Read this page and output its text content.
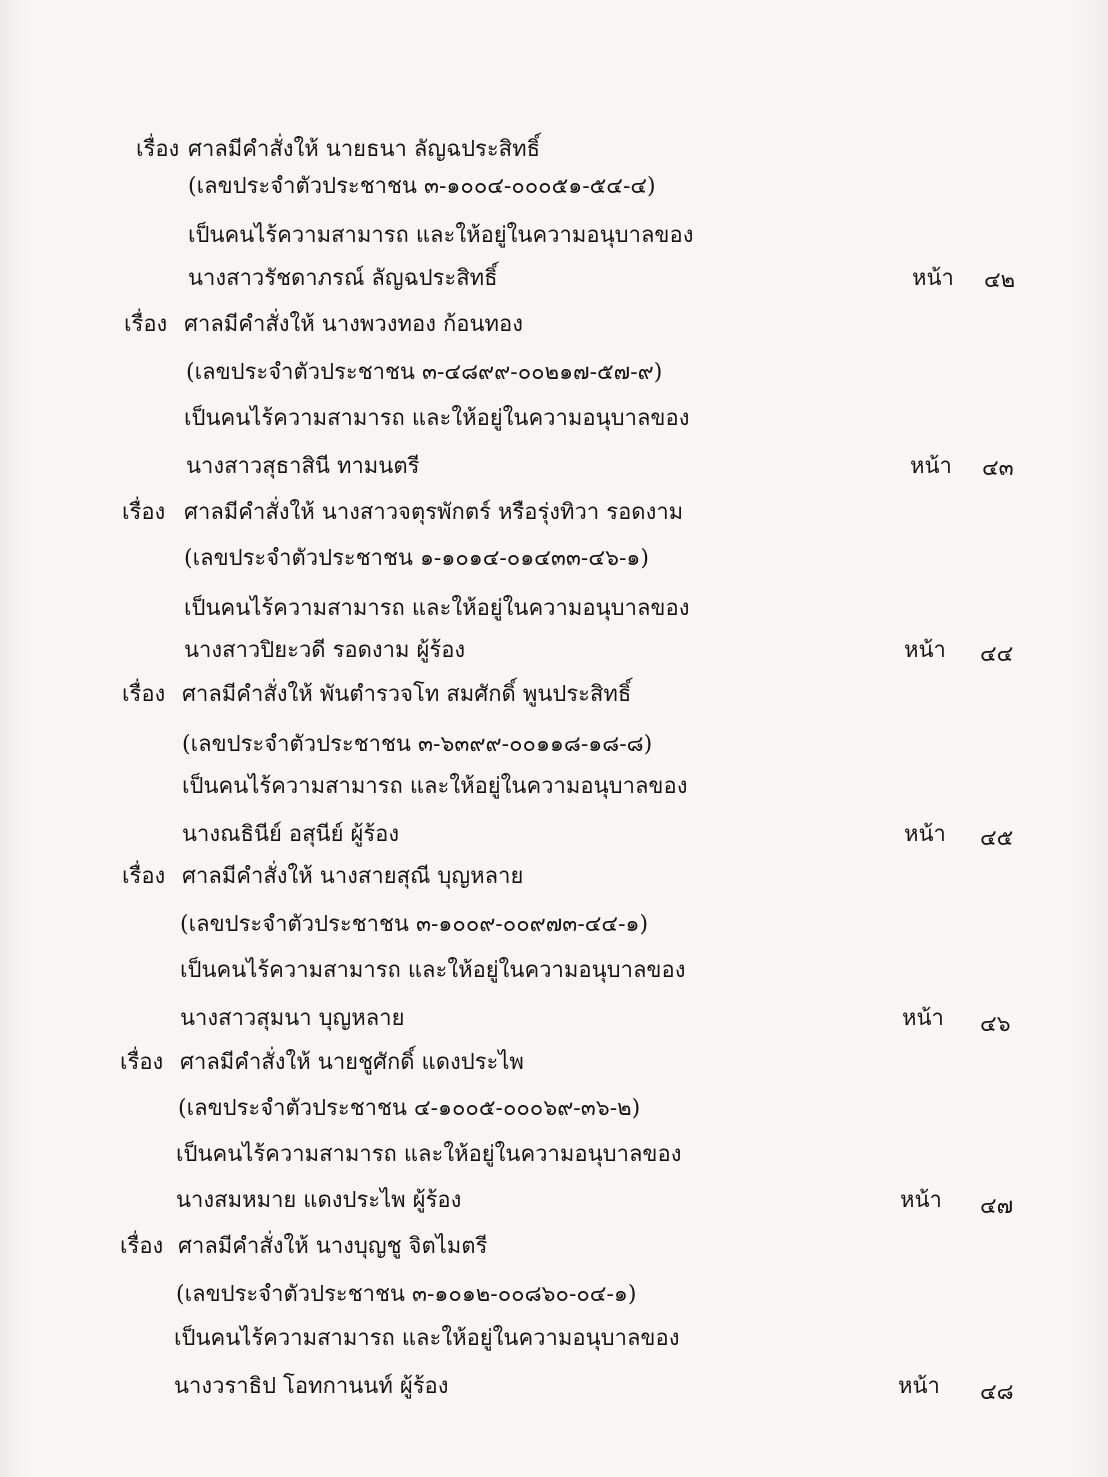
เรื่อง ศาลมีคำสั่งให้ นายธนา ลัญฉประสิทธิ์
(เลขประจำตัวประชาชน ๓-๑๐๐๔-๐๐๐๕๑-๕๔-๔)
เป็นคนไร้ความสามารถ และให้อยู่ในความอนุบาลของ
นางสาวรัชดาภรณ์ ลัญฉประสิทธิ์	หน้า ๔๒
เรื่อง ศาลมีคำสั่งให้ นางพวงทอง ก้อนทอง
(เลขประจำตัวประชาชน ๓-๔๘๙๙-๐๐๒๑๗-๕๗-๙)
เป็นคนไร้ความสามารถ และให้อยู่ในความอนุบาลของ
นางสาวสุธาสินี ทามนตรี	หน้า ๔๓
เรื่อง ศาลมีคำสั่งให้ นางสาวจตุรพักตร์ หรือรุ่งทิวา รอดงาม
(เลขประจำตัวประชาชน ๑-๑๐๑๔-๐๑๔๓๓-๔๖-๑)
เป็นคนไร้ความสามารถ และให้อยู่ในความอนุบาลของ
นางสาวปิยะวดี รอดงาม ผู้ร้อง	หน้า ๔๔
เรื่อง ศาลมีคำสั่งให้ พันตำรวจโท สมศักดิ์ พูนประสิทธิ์
(เลขประจำตัวประชาชน ๓-๖๓๙๙-๐๐๑๑๘-๑๘-๘)
เป็นคนไร้ความสามารถ และให้อยู่ในความอนุบาลของ
นางณธินีย์ อสุนีย์ ผู้ร้อง	หน้า ๔๕
เรื่อง ศาลมีคำสั่งให้ นางสายสุณี บุญหลาย
(เลขประจำตัวประชาชน ๓-๑๐๐๙-๐๐๙๗๓-๔๔-๑)
เป็นคนไร้ความสามารถ และให้อยู่ในความอนุบาลของ
นางสาวสุมนา บุญหลาย	หน้า ๔๖
เรื่อง ศาลมีคำสั่งให้ นายชูศักดิ์ แดงประไพ
(เลขประจำตัวประชาชน ๔-๑๐๐๕-๐๐๐๖๙-๓๖-๒)
เป็นคนไร้ความสามารถ และให้อยู่ในความอนุบาลของ
นางสมหมาย แดงประไพ ผู้ร้อง	หน้า ๔๗
เรื่อง ศาลมีคำสั่งให้ นางบุญชู จิตไมตรี
(เลขประจำตัวประชาชน ๓-๑๐๑๒-๐๐๘๖๐-๐๔-๑)
เป็นคนไร้ความสามารถ และให้อยู่ในความอนุบาลของ
นางวราธิป โอทกานนท์ ผู้ร้อง	หน้า ๔๘
